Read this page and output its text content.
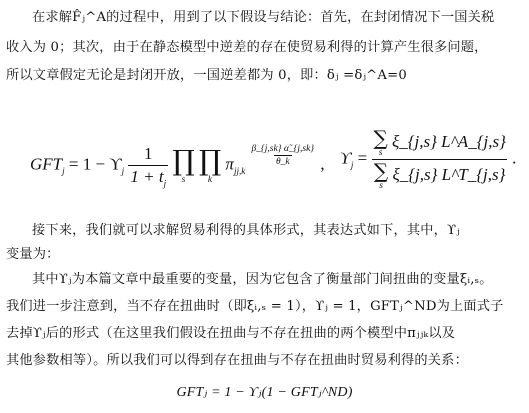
在求解F̂ⱼ^A的过程中，用到了以下假设与结论：首先，在封闭情况下一国关税
收入为 0；其次，由于在静态模型中逆差的存在使贸易利得的计算产生很多问题，
所以文章假定无论是封闭开放，一国逆差都为 0，即：δⱼ =δⱼ^A=0
$GFT_j = 1 - ϒ_j \frac{1}{1 + t_j}$
∏
s

∏
k
$\pi_{jj,k}$
$\frac{\beta\_\{j,sk\} \alphã\_\{j,sk\}}{\theta\_k}$ , $ϒ_j$ = ∑
s
ξ_{j,s} L^A_{j,s}
∑
s
ξ_{j,s} L^T_{j,s} .
接下来，我们就可以求解贸易利得的具体形式，其表达式如下，其中，ϒⱼ
变量为：
其中ϒⱼ为本篇文章中最重要的变量，因为它包含了衡量部门间扭曲的变量ξᵢ,ₛ。
我们进一步注意到，当不存在扭曲时（即ξᵢ,ₛ = 1），ϒⱼ = 1，GFTⱼ^ND为上面式子
去掉ϒⱼ后的形式（在这里我们假设在扭曲与不存在扭曲的两个模型中πⱼⱼₖ以及
其他参数相等）。所以我们可以得到存在扭曲与不存在扭曲时贸易利得的关系：
GFTⱼ = 1 − ϒⱼ(1 − GFTⱼ^ND)
